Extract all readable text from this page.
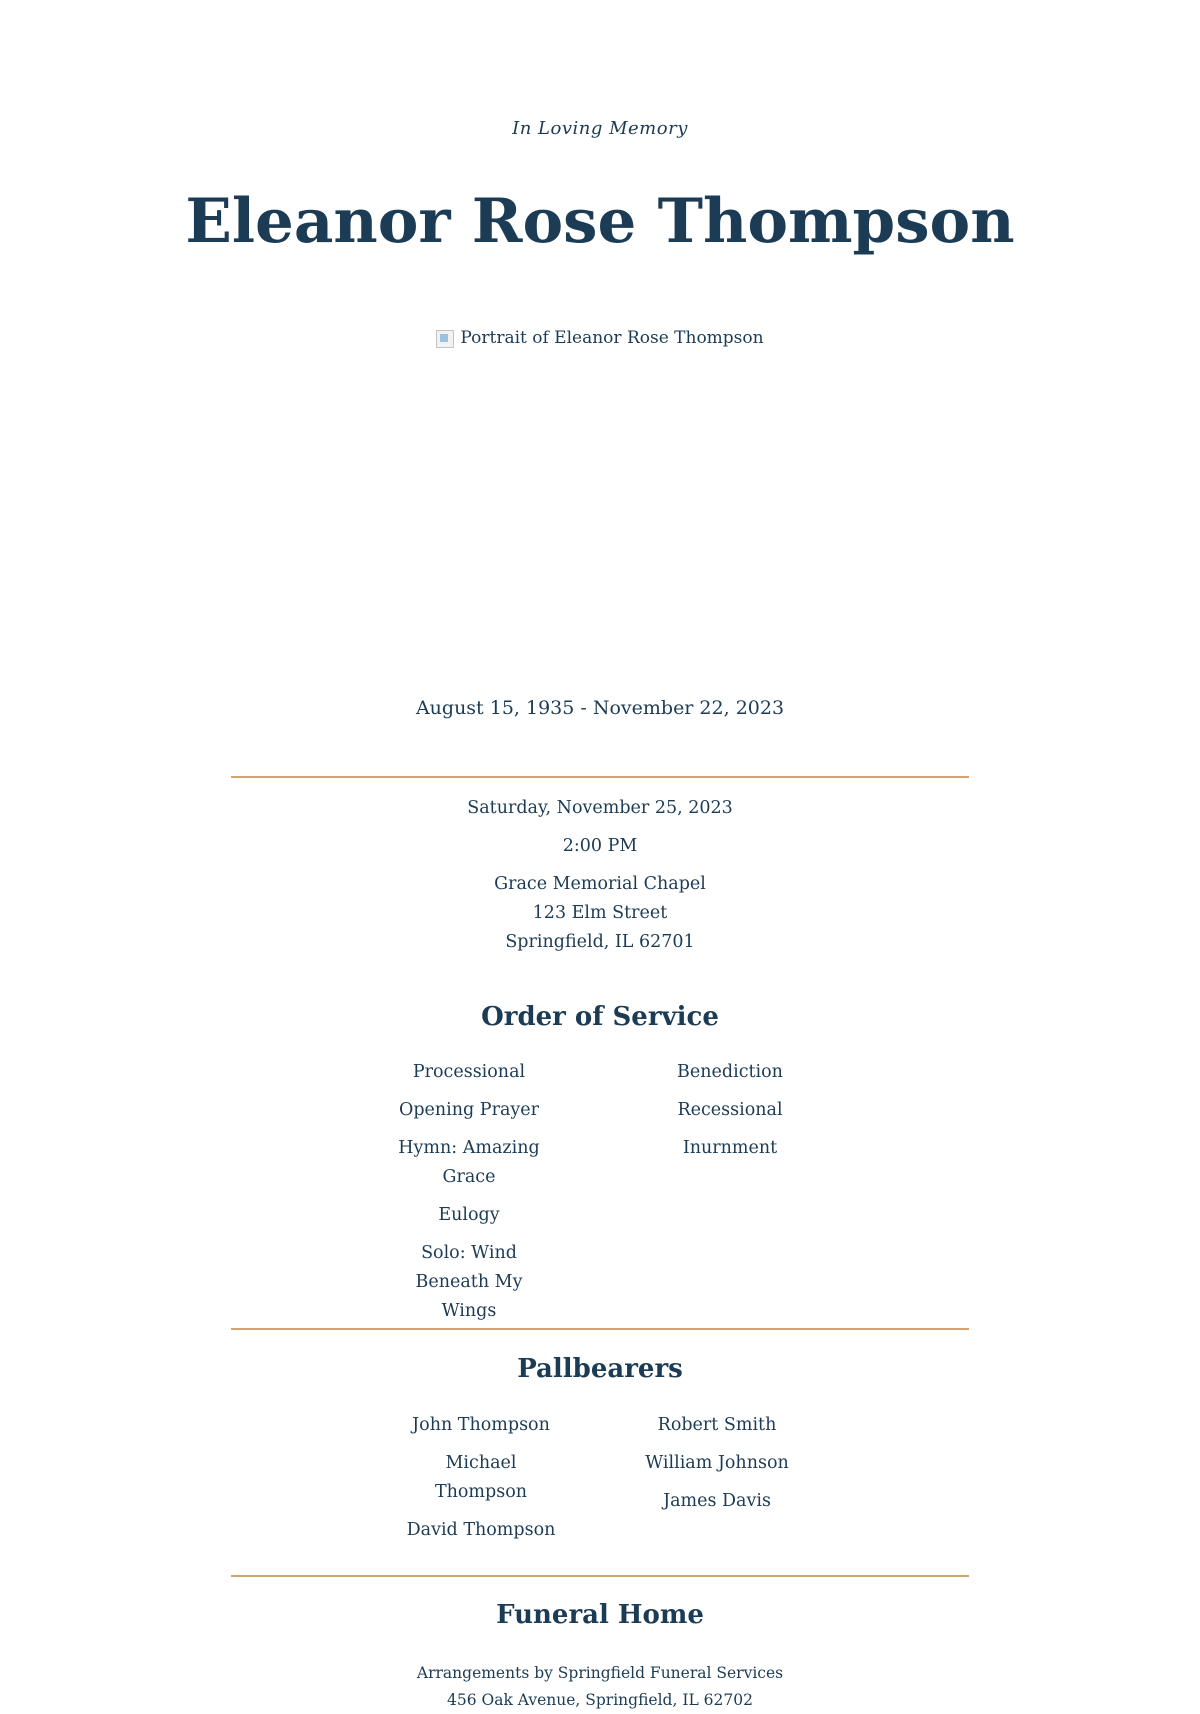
In Loving Memory
Eleanor Rose Thompson
Portrait of Eleanor Rose Thompson
August 15, 1935 - November 22, 2023
Saturday, November 25, 2023
2:00 PM
Grace Memorial Chapel
123 Elm Street
Springfield, IL 62701
Order of Service
Processional
Opening Prayer
Hymn: Amazing Grace
Eulogy
Solo: Wind Beneath My Wings
Benediction
Recessional
Inurnment
Pallbearers
John Thompson
Michael Thompson
David Thompson
Robert Smith
William Johnson
James Davis
Funeral Home
Arrangements by Springfield Funeral Services
456 Oak Avenue, Springfield, IL 62702
